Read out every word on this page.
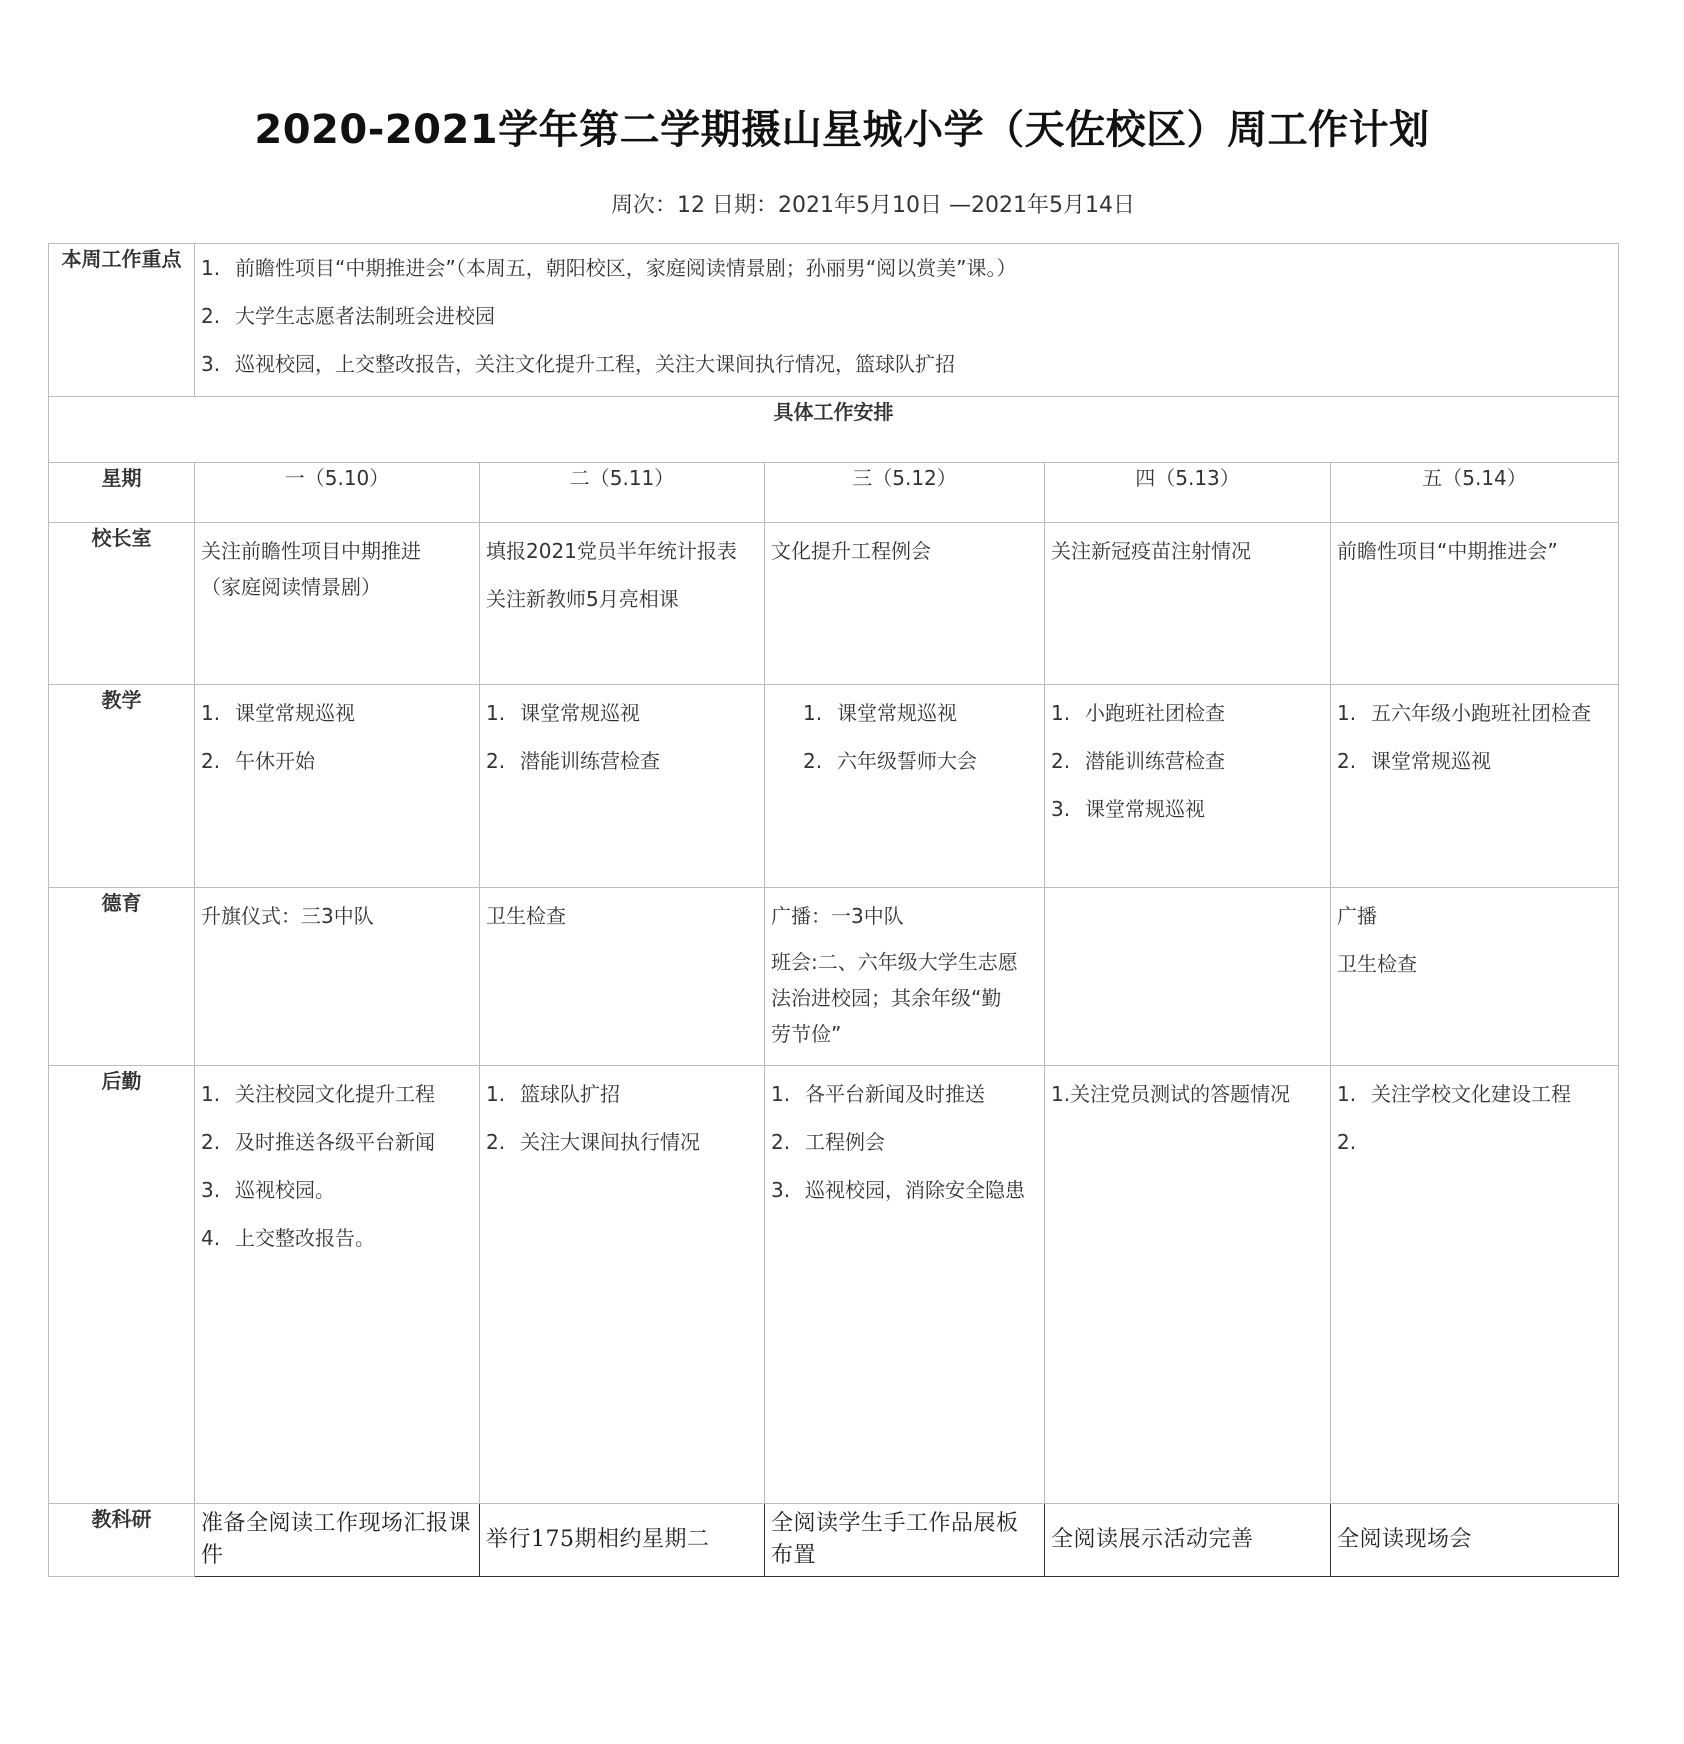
2020-2021学年第二学期摄山星城小学（天佐校区）周工作计划
周次：12 日期：2021年5月10日 —2021年5月14日
本周工作重点	1. 前瞻性项目“中期推进会”（本周五，朝阳校区，家庭阅读情景剧；孙丽男“阅以赏美”课。）
2. 大学生志愿者法制班会进校园
3. 巡视校园，上交整改报告，关注文化提升工程，关注大课间执行情况，篮球队扩招				

具体工作安排					
星期	一（5.10）	二（5.11）	三（5.12）	四（5.13）	五（5.14）
校长室	关注前瞻性项目中期推进
（家庭阅读情景剧）	填报2021党员半年统计报表
关注新教师5月亮相课	文化提升工程例会	关注新冠疫苗注射情况	前瞻性项目“中期推进会”

教学	1. 课堂常规巡视
2. 午休开始	1. 课堂常规巡视
2. 潜能训练营检查	1. 课堂常规巡视
2. 六年级誓师大会	1. 小跑班社团检查
2. 潜能训练营检查
3. 课堂常规巡视	1. 五六年级小跑班社团检查
2. 课堂常规巡视

德育	升旗仪式：三3中队	卫生检查	广播：一3中队
班会:二、六年级大学生志愿
法治进校园；其余年级“勤
劳节俭”		广播
卫生检查

后勤	1. 关注校园文化提升工程
2. 及时推送各级平台新闻
3. 巡视校园。
4. 上交整改报告。	1. 篮球队扩招
2. 关注大课间执行情况	1. 各平台新闻及时推送
2. 工程例会
3. 巡视校园，消除安全隐患	1.关注党员测试的答题情况	1. 关注学校文化建设工程
2.

教科研	准备全阅读工作现场汇报课件	举行175期相约星期二	全阅读学生手工作品展板布置	全阅读展示活动完善	全阅读现场会
